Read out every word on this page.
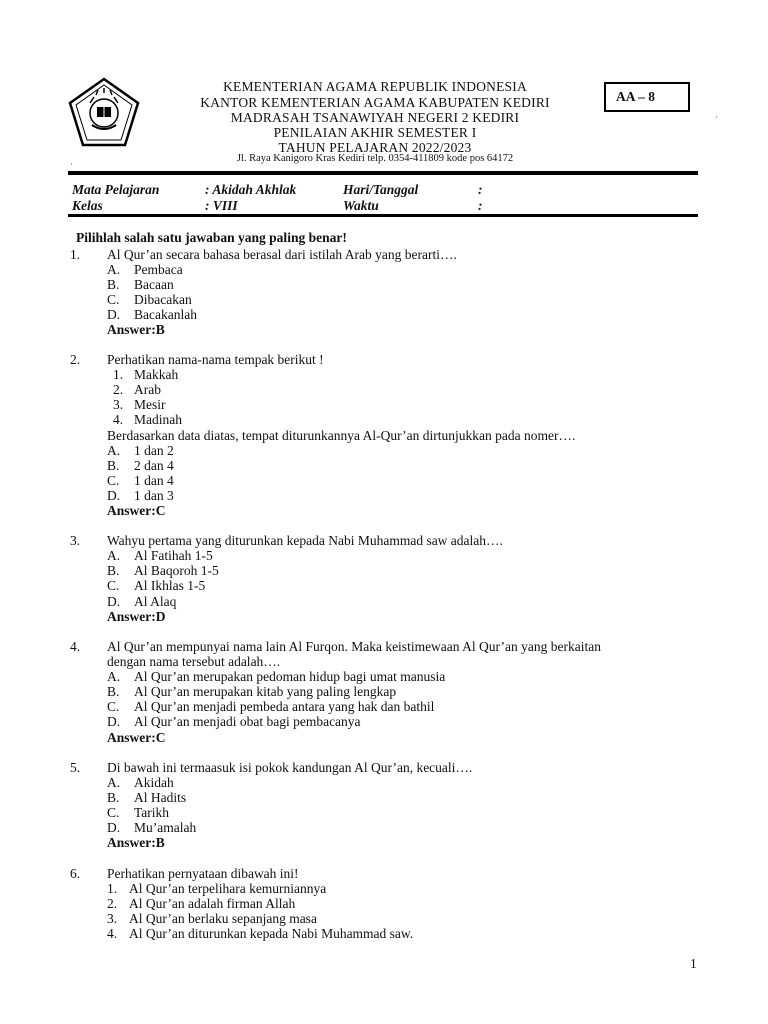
KEMENTERIAN AGAMA REPUBLIK INDONESIA
KANTOR KEMENTERIAN AGAMA KABUPATEN KEDIRI
MADRASAH TSANAWIYAH NEGERI 2 KEDIRI
PENILAIAN AKHIR SEMESTER I
TAHUN PELAJARAN 2022/2023
Jl. Raya Kanigoro Kras Kediri telp. 0354-411809 kode pos 64172
AA – 8
·
·
Mata Pelajaran	: Akidah Akhlak	Hari/Tanggal	:
Kelas	: VIII	Waktu	:
Pilihlah salah satu jawaban yang paling benar!
1. Al Qur’an secara bahasa berasal dari istilah Arab yang berarti….
A. Pembaca
B. Bacaan
C. Dibacakan
D. Bacakanlah
Answer:B
2. Perhatikan nama-nama tempak berikut !
1. Makkah
2. Arab
3. Mesir
4. Madinah
Berdasarkan data diatas, tempat diturunkannya Al-Qur’an dirtunjukkan pada nomer….
A. 1 dan 2
B. 2 dan 4
C. 1 dan 4
D. 1 dan 3
Answer:C
3. Wahyu pertama yang diturunkan kepada Nabi Muhammad saw adalah….
A. Al Fatihah 1-5
B. Al Baqoroh 1-5
C. Al Ikhlas 1-5
D. Al Alaq
Answer:D
4. Al Qur’an mempunyai nama lain Al Furqon. Maka keistimewaan Al Qur’an yang berkaitan
dengan nama tersebut adalah….
A. Al Qur’an merupakan pedoman hidup bagi umat manusia
B. Al Qur’an merupakan kitab yang paling lengkap
C. Al Qur’an menjadi pembeda antara yang hak dan bathil
D. Al Qur’an menjadi obat bagi pembacanya
Answer:C
5. Di bawah ini termaasuk isi pokok kandungan Al Qur’an, kecuali….
A. Akidah
B. Al Hadits
C. Tarikh
D. Mu’amalah
Answer:B
6. Perhatikan pernyataan dibawah ini!
1. Al Qur’an terpelihara kemurniannya
2. Al Qur’an adalah firman Allah
3. Al Qur’an berlaku sepanjang masa
4. Al Qur’an diturunkan kepada Nabi Muhammad saw.
1
